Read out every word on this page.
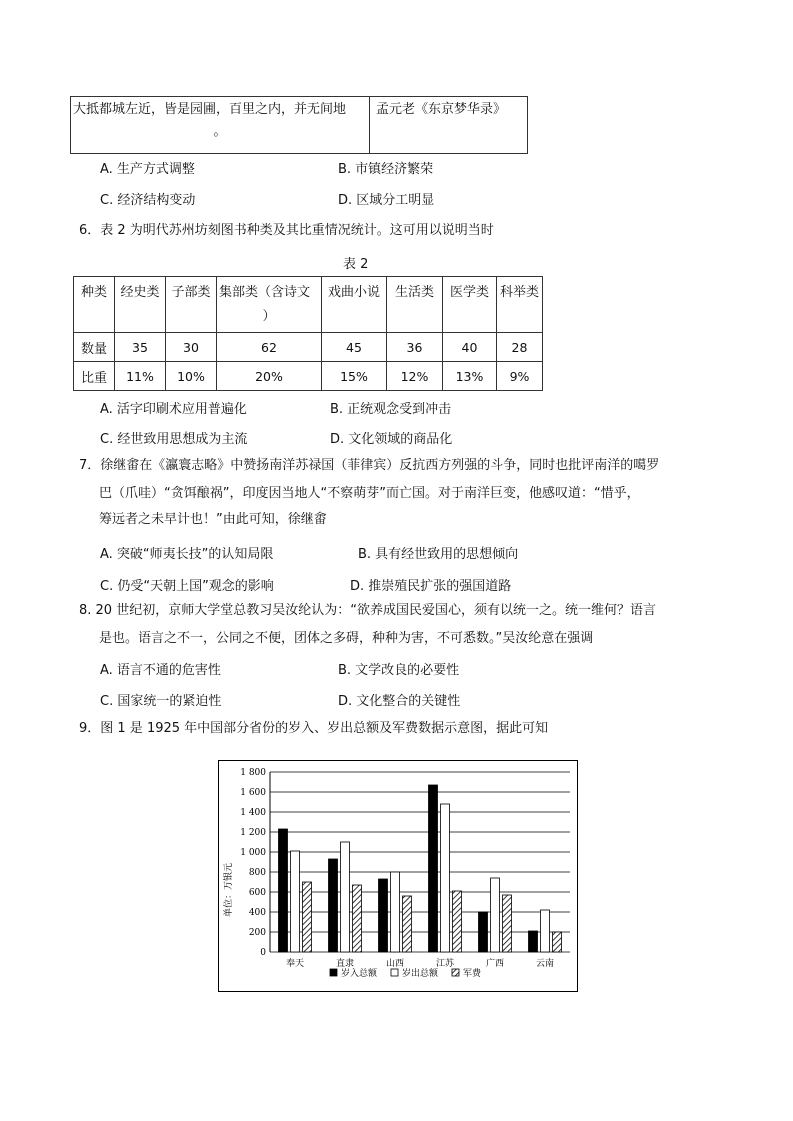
大抵都城左近，皆是园圃，百里之内，并无间地
。
	孟元老《东京梦华录》
A. 生产方式调整	B. 市镇经济繁荣
C. 经济结构变动	D. 区域分工明显
6．表 2 为明代苏州坊刻图书种类及其比重情况统计。这可用以说明当时
表 2
种类	经史类	子部类	集部类（含诗文
）	戏曲小说	生活类	医学类	科举类
数量	35	30	62	45	36	40	28
比重	11%	10%	20%	15%	12%	13%	9%
A. 活字印刷术应用普遍化	B. 正统观念受到冲击
C. 经世致用思想成为主流	D. 文化领域的商品化
7．徐继畬在《瀛寰志略》中赞扬南洋苏禄国（菲律宾）反抗西方列强的斗争，同时也批评南洋的噶罗
巴（爪哇）“贪饵酿祸”，印度因当地人“不察萌芽”而亡国。对于南洋巨变，他感叹道：“惜乎，
筹远者之未早计也！”由此可知，徐继畬
A. 突破“师夷长技”的认知局限	B. 具有经世致用的思想倾向
C. 仍受“天朝上国”观念的影响	D. 推崇殖民扩张的强国道路
8. 20 世纪初，京师大学堂总教习吴汝纶认为：“欲养成国民爱国心，须有以统一之。统一维何？语言
是也。语言之不一，公同之不便，团体之多碍，种种为害，不可悉数。”吴汝纶意在强调
A. 语言不通的危害性	B. 文学改良的必要性
C. 国家统一的紧迫性	D. 文化整合的关键性
9．图 1 是 1925 年中国部分省份的岁入、岁出总额及军费数据示意图，据此可知
0
200
400
600
800
1 000
1 200
1 400
1 600
1 800
奉天	直隶	山西	江苏	广西	云南
单位：万银元
岁入总额	岁出总额	军费
